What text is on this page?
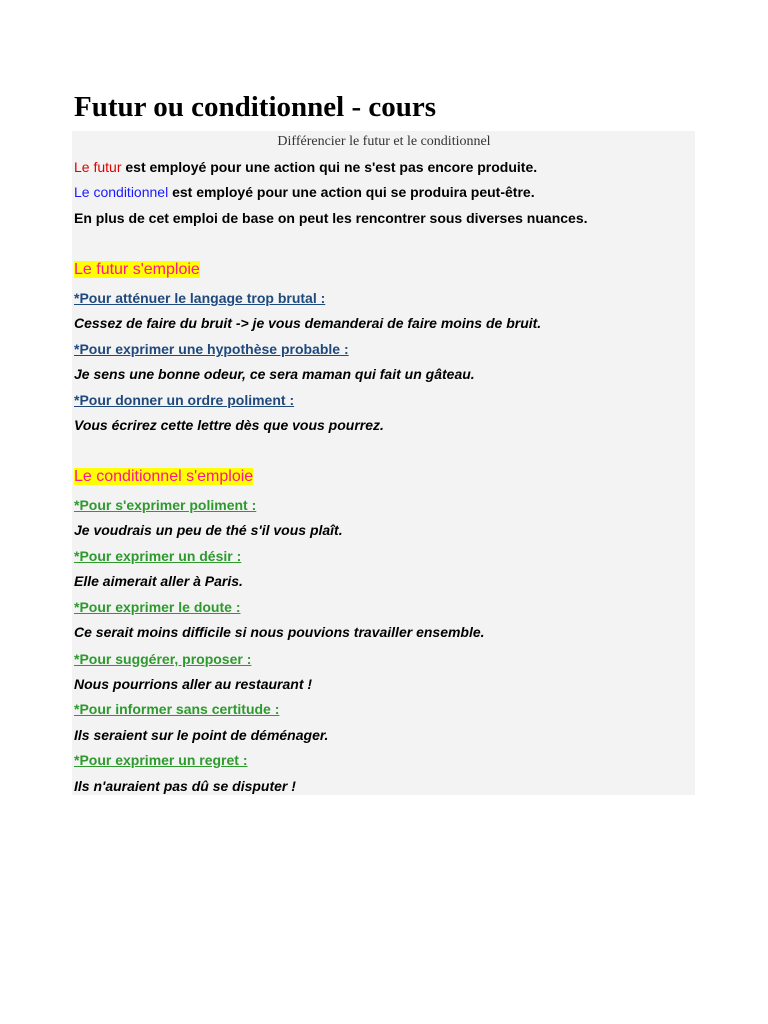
Futur ou conditionnel - cours

Différencier le futur et le conditionnel

Le futur est employé pour une action qui ne s'est pas encore produite.

Le conditionnel est employé pour une action qui se produira peut-être.

En plus de cet emploi de base on peut les rencontrer sous diverses nuances.

Le futur s'emploie

*Pour atténuer le langage trop brutal :

Cessez de faire du bruit -> je vous demanderai de faire moins de bruit.

*Pour exprimer une hypothèse probable :

Je sens une bonne odeur, ce sera maman qui fait un gâteau.

*Pour donner un ordre poliment :

Vous écrirez cette lettre dès que vous pourrez.

Le conditionnel s'emploie

*Pour s'exprimer poliment :

Je voudrais un peu de thé s'il vous plaît.

*Pour exprimer un désir :

Elle aimerait aller à Paris.

*Pour exprimer le doute :

Ce serait moins difficile si nous pouvions travailler ensemble.

*Pour suggérer, proposer :

Nous pourrions aller au restaurant !

*Pour informer sans certitude :

Ils seraient sur le point de déménager.

*Pour exprimer un regret :

Ils n'auraient pas dû se disputer !
